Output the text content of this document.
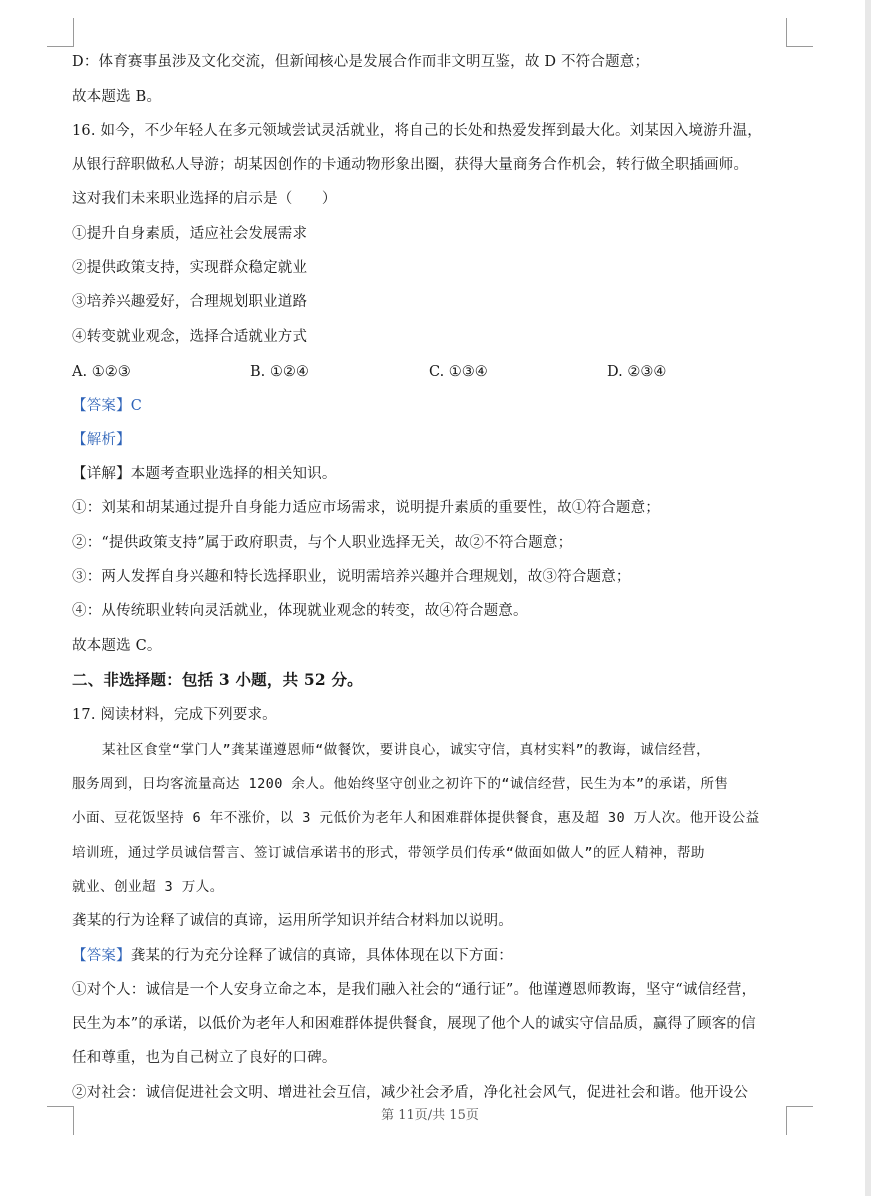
D：体育赛事虽涉及文化交流，但新闻核心是发展合作而非文明互鉴，故 D 不符合题意；
故本题选 B。
16. 如今，不少年轻人在多元领域尝试灵活就业，将自己的长处和热爱发挥到最大化。刘某因入境游升温，
从银行辞职做私人导游；胡某因创作的卡通动物形象出圈，获得大量商务合作机会，转行做全职插画师。
这对我们未来职业选择的启示是（　　）
①提升自身素质，适应社会发展需求
②提供政策支持，实现群众稳定就业
③培养兴趣爱好，合理规划职业道路
④转变就业观念，选择合适就业方式
A. ①②③	B. ①②④	C. ①③④	D. ②③④
【答案】C
【解析】
【详解】本题考查职业选择的相关知识。
①：刘某和胡某通过提升自身能力适应市场需求，说明提升素质的重要性，故①符合题意；
②：“提供政策支持”属于政府职责，与个人职业选择无关，故②不符合题意；
③：两人发挥自身兴趣和特长选择职业，说明需培养兴趣并合理规划，故③符合题意；
④：从传统职业转向灵活就业，体现就业观念的转变，故④符合题意。
故本题选 C。
二、非选择题：包括 3 小题，共 52 分。
17. 阅读材料，完成下列要求。
某社区食堂“掌门人”龚某谨遵恩师“做餐饮，要讲良心，诚实守信，真材实料”的教诲，诚信经营，
服务周到，日均客流量高达 1200 余人。他始终坚守创业之初许下的“诚信经营，民生为本”的承诺，所售
小面、豆花饭坚持 6 年不涨价，以 3 元低价为老年人和困难群体提供餐食，惠及超 30 万人次。他开设公益
培训班，通过学员诚信誓言、签订诚信承诺书的形式，带领学员们传承“做面如做人”的匠人精神，帮助
就业、创业超 3 万人。
龚某的行为诠释了诚信的真谛，运用所学知识并结合材料加以说明。
【答案】龚某的行为充分诠释了诚信的真谛，具体体现在以下方面：
①对个人：诚信是一个人安身立命之本，是我们融入社会的“通行证”。他谨遵恩师教诲，坚守“诚信经营，
民生为本”的承诺，以低价为老年人和困难群体提供餐食，展现了他个人的诚实守信品质，赢得了顾客的信
任和尊重，也为自己树立了良好的口碑。
②对社会：诚信促进社会文明、增进社会互信，减少社会矛盾，净化社会风气，促进社会和谐。他开设公
第 11页/共 15页
